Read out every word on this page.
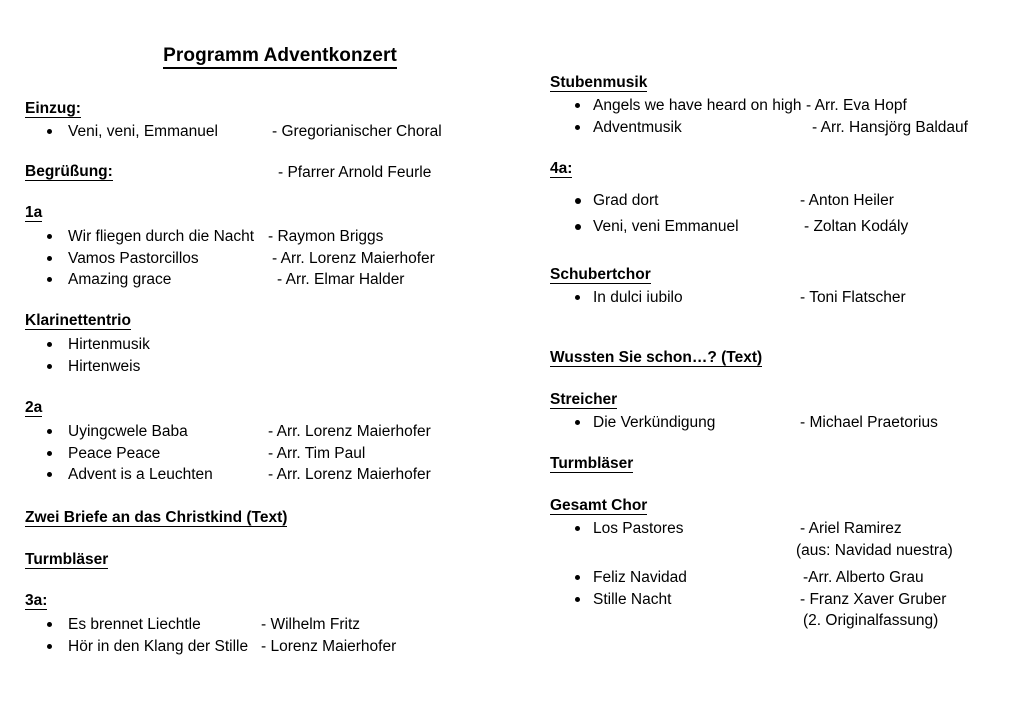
Programm Adventkonzert
Einzug:
Veni, veni, Emmanuel	- Gregorianischer Choral
Begrüßung:	- Pfarrer Arnold Feurle
1a
Wir fliegen durch die Nacht - Raymon Briggs
Vamos Pastorcillos	- Arr. Lorenz Maierhofer
Amazing grace	- Arr. Elmar Halder
Klarinettentrio
Hirtenmusik
Hirtenweis
2a
Uyingcwele Baba	- Arr. Lorenz Maierhofer
Peace Peace	- Arr. Tim Paul
Advent is a Leuchten	- Arr. Lorenz Maierhofer
Zwei Briefe an das Christkind (Text)
Turmbläser
3a:
Es brennet Liechtle	- Wilhelm Fritz
Hör in den Klang der Stille - Lorenz Maierhofer
Stubenmusik
Angels we have heard on high - Arr. Eva Hopf
Adventmusik	- Arr. Hansjörg Baldauf
4a:
Grad dort	- Anton Heiler
Veni, veni Emmanuel	- Zoltan Kodály
Schubertchor
In dulci iubilo	- Toni Flatscher
Wussten Sie schon…? (Text)
Streicher
Die Verkündigung	- Michael Praetorius
Turmbläser
Gesamt Chor
Los Pastores	- Ariel Ramirez
(aus: Navidad nuestra)
Feliz Navidad	-Arr. Alberto Grau
Stille Nacht	- Franz Xaver Gruber
(2. Originalfassung)
